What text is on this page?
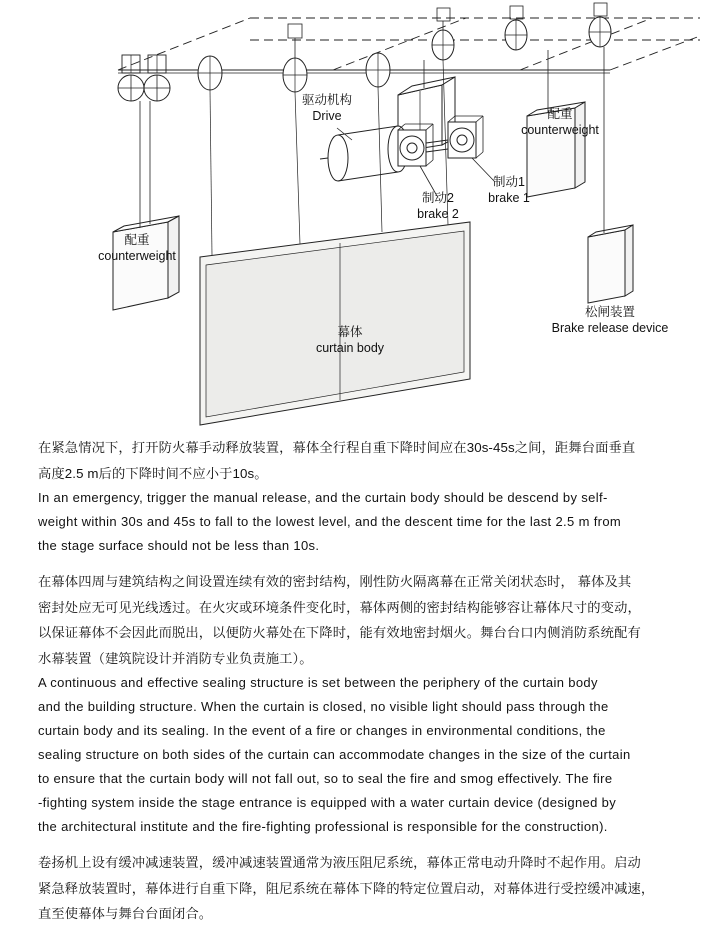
驱动机构
Drive	配重
counterweight
配重
counterweight
制动2
brake 2
制动1
brake 1
幕体
curtain body
松闸装置
Brake release device
在紧急情况下，打开防火幕手动释放装置，幕体全行程自重下降时间应在30s-45s之间，距舞台面垂直
高度2.5 m后的下降时间不应小于10s。
In an emergency, trigger the manual release, and the curtain body should be descend by self-
weight within 30s and 45s to fall to the lowest level, and the descent time for the last 2.5 m from
the stage surface should not be less than 10s.
在幕体四周与建筑结构之间设置连续有效的密封结构，刚性防火隔离幕在正常关闭状态时， 幕体及其
密封处应无可见光线透过。在火灾或环境条件变化时，幕体两侧的密封结构能够容让幕体尺寸的变动，
以保证幕体不会因此而脱出，以便防火幕处在下降时，能有效地密封烟火。舞台台口内侧消防系统配有
水幕装置（建筑院设计并消防专业负责施工）。
A continuous and effective sealing structure is set between the periphery of the curtain body
and the building structure. When the curtain is closed, no visible light should pass through the
curtain body and its sealing. In the event of a fire or changes in environmental conditions, the
sealing structure on both sides of the curtain can accommodate changes in the size of the curtain
to ensure that the curtain body will not fall out, so to seal the fire and smog effectively. The fire
-fighting system inside the stage entrance is equipped with a water curtain device (designed by
the architectural institute and the fire-fighting professional is responsible for the construction).
卷扬机上设有缓冲减速装置，缓冲减速装置通常为液压阻尼系统，幕体正常电动升降时不起作用。启动
紧急释放装置时，幕体进行自重下降，阻尼系统在幕体下降的特定位置启动，对幕体进行受控缓冲减速，
直至使幕体与舞台台面闭合。
